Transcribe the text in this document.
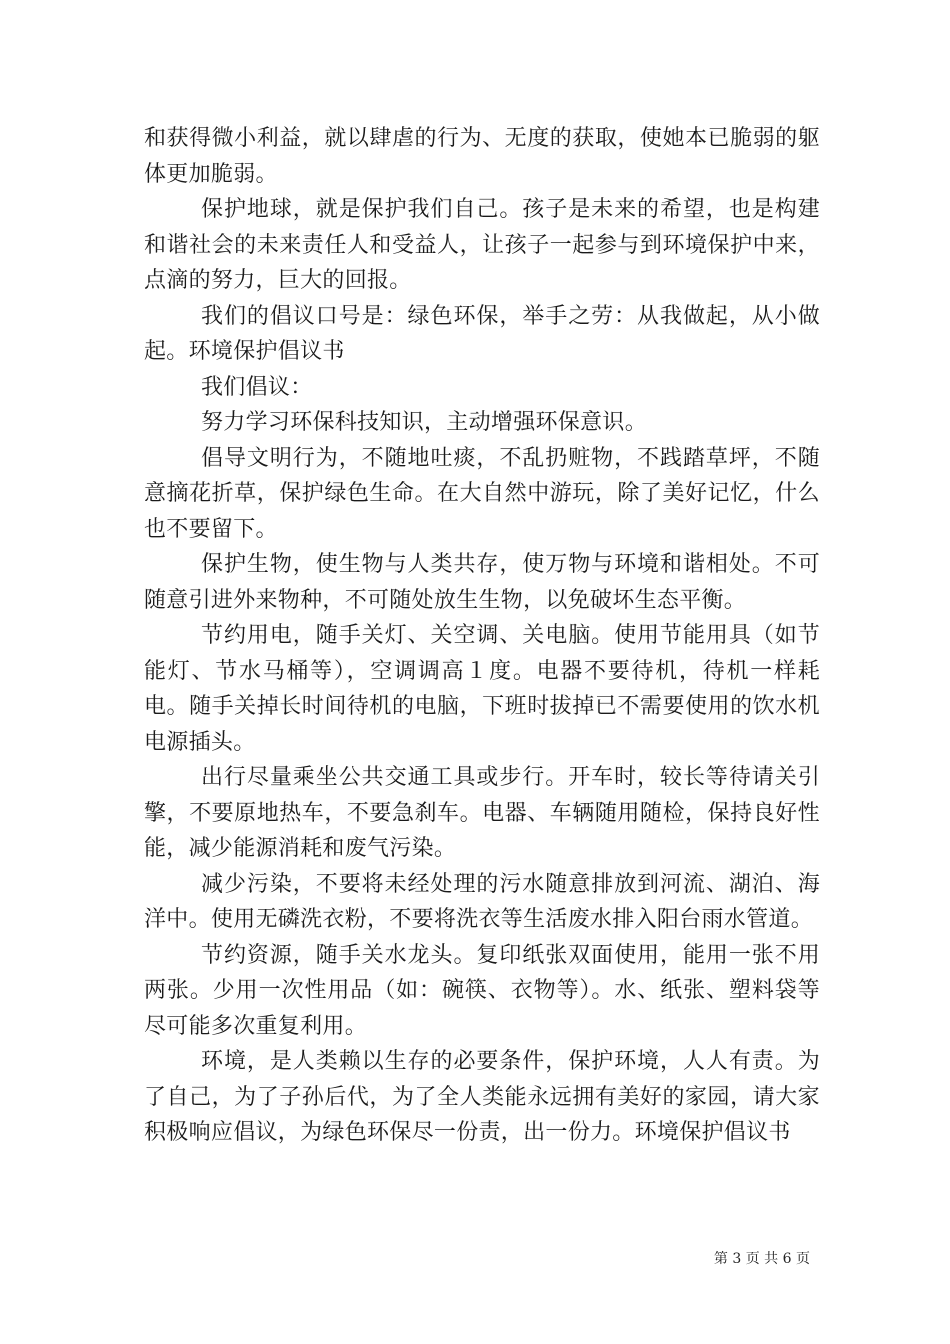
和获得微小利益，就以肆虐的行为、无度的获取，使她本已脆弱的躯体更加脆弱。

保护地球，就是保护我们自己。孩子是未来的希望，也是构建和谐社会的未来责任人和受益人，让孩子一起参与到环境保护中来，点滴的努力，巨大的回报。

我们的倡议口号是：绿色环保，举手之劳：从我做起，从小做起。环境保护倡议书

我们倡议：

努力学习环保科技知识，主动增强环保意识。

倡导文明行为，不随地吐痰，不乱扔赃物，不践踏草坪，不随意摘花折草，保护绿色生命。在大自然中游玩，除了美好记忆，什么也不要留下。

保护生物，使生物与人类共存，使万物与环境和谐相处。不可随意引进外来物种，不可随处放生生物，以免破坏生态平衡。

节约用电，随手关灯、关空调、关电脑。使用节能用具（如节能灯、节水马桶等），空调调高１度。电器不要待机，待机一样耗电。随手关掉长时间待机的电脑，下班时拔掉已不需要使用的饮水机电源插头。

出行尽量乘坐公共交通工具或步行。开车时，较长等待请关引擎，不要原地热车，不要急刹车。电器、车辆随用随检，保持良好性能，减少能源消耗和废气污染。

减少污染，不要将未经处理的污水随意排放到河流、湖泊、海洋中。使用无磷洗衣粉，不要将洗衣等生活废水排入阳台雨水管道。

节约资源，随手关水龙头。复印纸张双面使用，能用一张不用两张。少用一次性用品（如：碗筷、衣物等）。水、纸张、塑料袋等尽可能多次重复利用。

环境，是人类赖以生存的必要条件，保护环境，人人有责。为了自己，为了子孙后代，为了全人类能永远拥有美好的家园，请大家积极响应倡议，为绿色环保尽一份责，出一份力。环境保护倡议书

第 3 页 共 6 页
